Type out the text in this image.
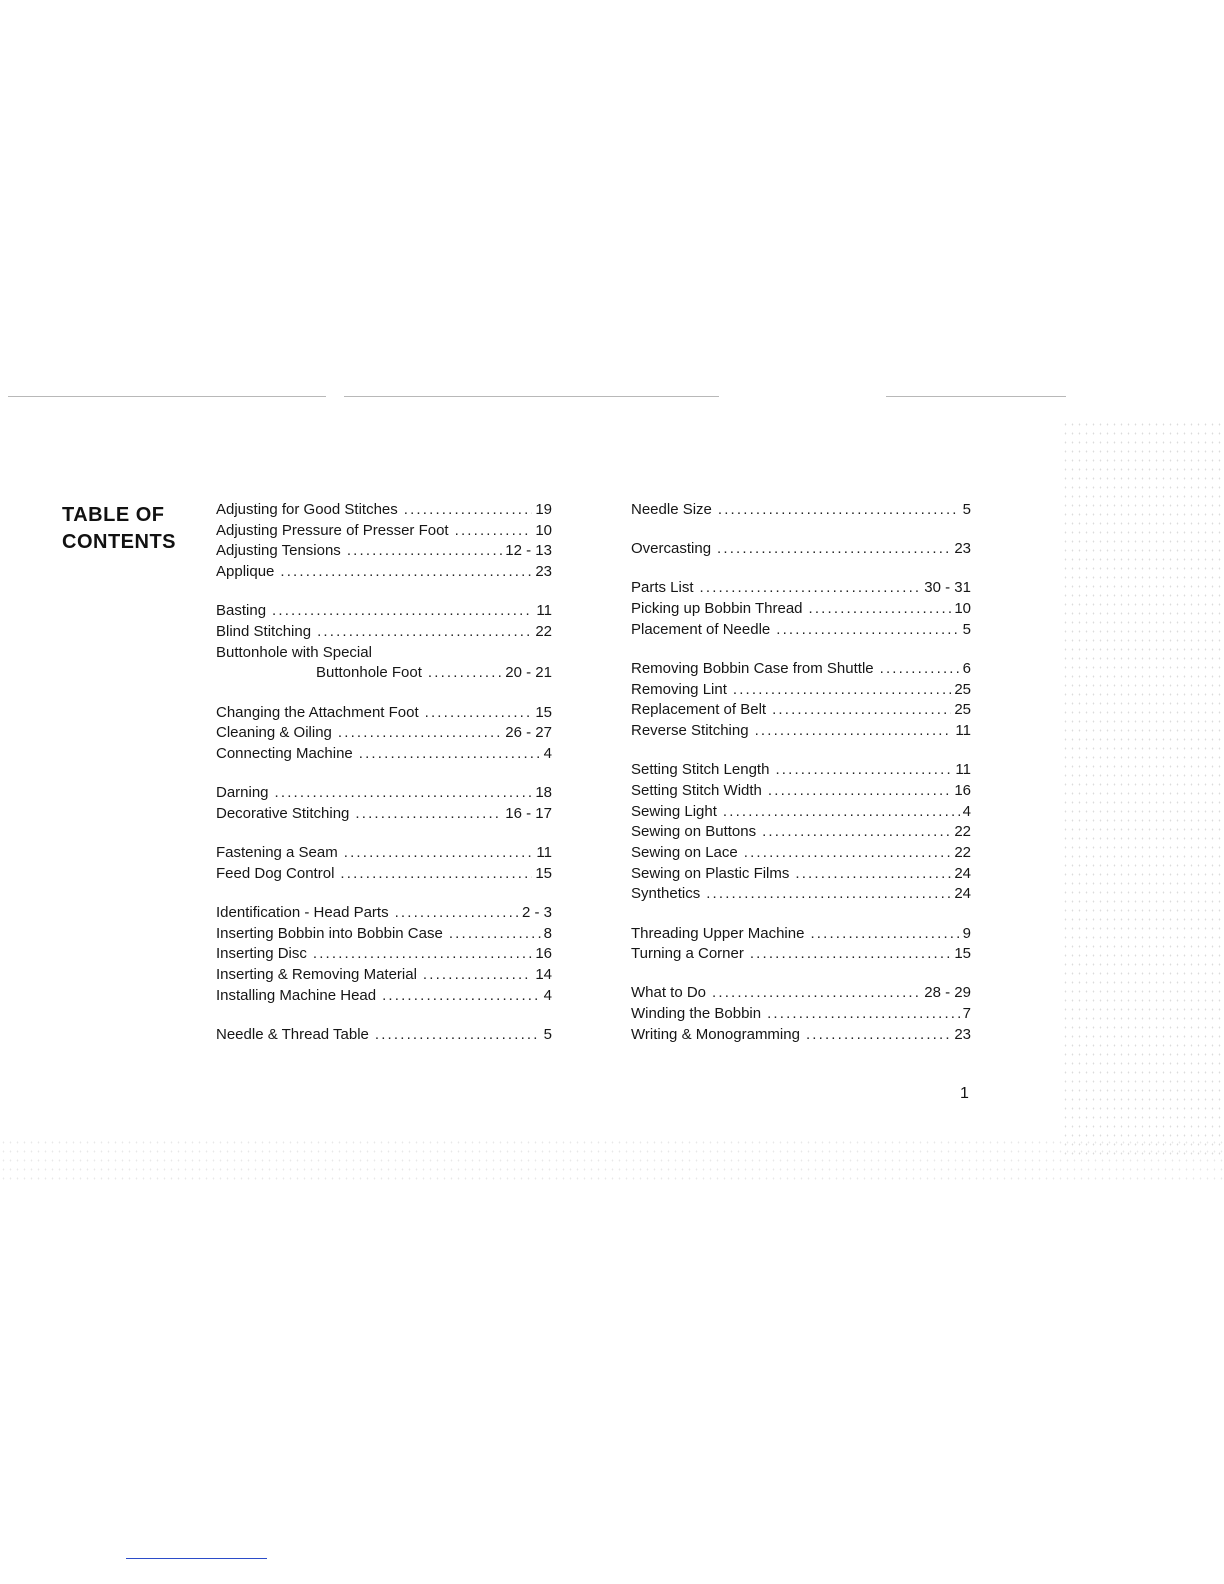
TABLE OF
CONTENTS
Adjusting for Good Stitches . . .	19
Adjusting Pressure of Presser Foot . . .	10
Adjusting Tensions . . .	12 - 13
Applique . . .	23
Basting . . .	11
Blind Stitching . . .	22
Buttonhole with Special
Buttonhole Foot . . .	20 - 21
Changing the Attachment Foot . . .	15
Cleaning & Oiling . . .	26 - 27
Connecting Machine . . .	4
Darning . . .	18
Decorative Stitching . . .	16 - 17
Fastening a Seam . . .	11
Feed Dog Control . . .	15
Identification - Head Parts . . .	2 - 3
Inserting Bobbin into Bobbin Case . . .	8
Inserting Disc . . .	16
Inserting & Removing Material . . .	14
Installing Machine Head . . .	4
Needle & Thread Table . . .	5
Needle Size . . .	5
Overcasting . . .	23
Parts List . . .	30 - 31
Picking up Bobbin Thread . . .	10
Placement of Needle . . .	5
Removing Bobbin Case from Shuttle . . .	6
Removing Lint . . .	25
Replacement of Belt . . .	25
Reverse Stitching . . .	11
Setting Stitch Length . . .	11
Setting Stitch Width . . .	16
Sewing Light . . .	4
Sewing on Buttons . . .	22
Sewing on Lace . . .	22
Sewing on Plastic Films . . .	24
Synthetics . . .	24
Threading Upper Machine . . .	9
Turning a Corner . . .	15
What to Do . . .	28 - 29
Winding the Bobbin . . .	7
Writing & Monogramming . . .	23
1
